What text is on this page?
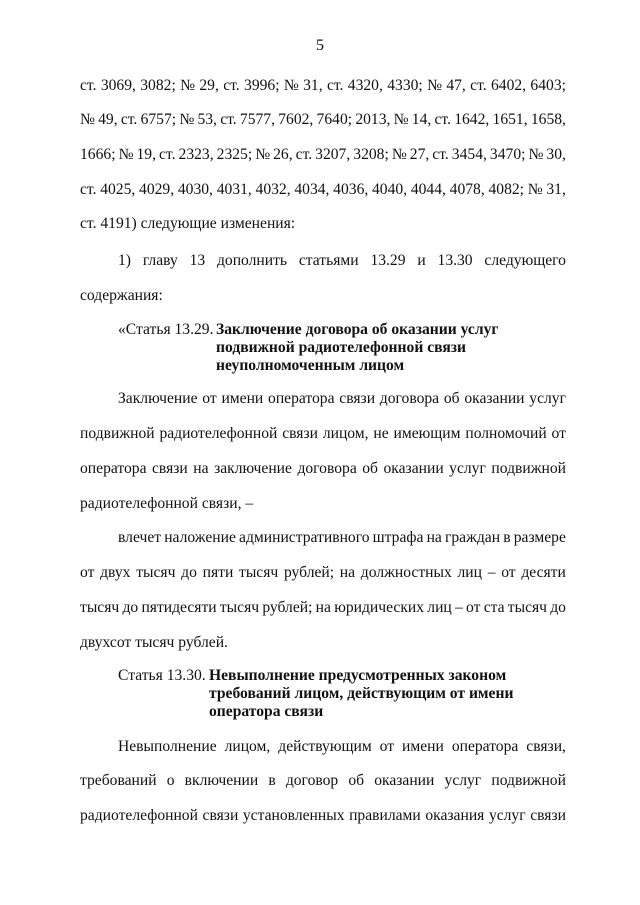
5
ст. 3069, 3082; № 29, ст. 3996; № 31, ст. 4320, 4330; № 47, ст. 6402, 6403;
№ 49, ст. 6757; № 53, ст. 7577, 7602, 7640; 2013, № 14, ст. 1642, 1651, 1658,
1666; № 19, ст. 2323, 2325; № 26, ст. 3207, 3208; № 27, ст. 3454, 3470; № 30,
ст. 4025, 4029, 4030, 4031, 4032, 4034, 4036, 4040, 4044, 4078, 4082; № 31,
ст. 4191) следующие изменения:
1) главу 13 дополнить статьями 13.29 и 13.30 следующего
содержания:
«Статья 13.29. Заключение договора об оказании услуг
подвижной радиотелефонной связи
неуполномоченным лицом
Заключение от имени оператора связи договора об оказании услуг
подвижной радиотелефонной связи лицом, не имеющим полномочий от
оператора связи на заключение договора об оказании услуг подвижной
радиотелефонной связи, –
влечет наложение административного штрафа на граждан в размере
от двух тысяч до пяти тысяч рублей; на должностных лиц – от десяти
тысяч до пятидесяти тысяч рублей; на юридических лиц – от ста тысяч до
двухсот тысяч рублей.
Статья 13.30. Невыполнение предусмотренных законом
требований лицом, действующим от имени
оператора связи
Невыполнение лицом, действующим от имени оператора связи,
требований о включении в договор об оказании услуг подвижной
радиотелефонной связи установленных правилами оказания услуг связи
